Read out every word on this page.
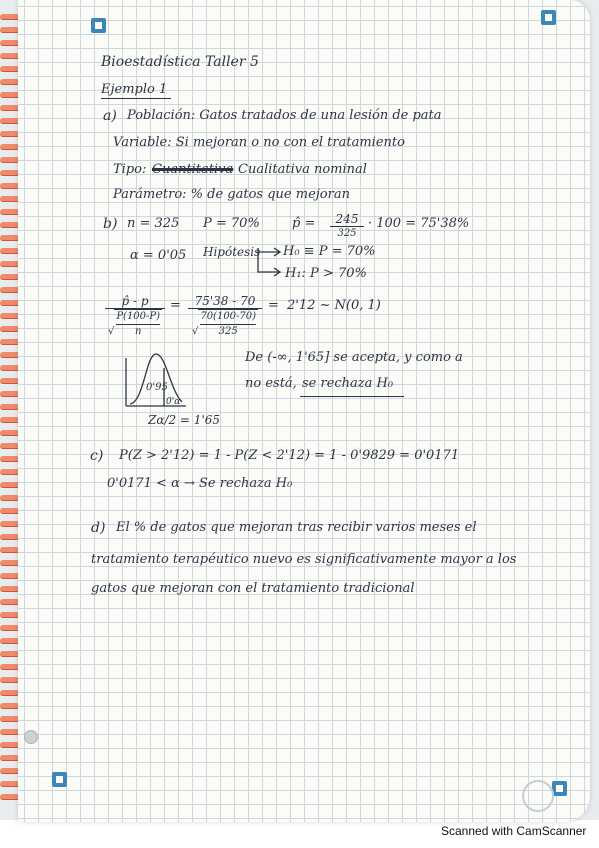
Bioestadística Taller 5
Ejemplo 1
a) Población: Gatos tratados de una lesión de pata
Variable: Si mejoran o no con el tratamiento
Tipo: Cuantitativa Cualitativa nominal
Parámetro: % de gatos que mejoran
b) n = 325 P = 70% p̂ =	245
325
· 100 = 75'38%
α = 0'05 Hipótesis H₀ ≡ P = 70%
H₁: P > 70%
p̂ - p
√ $\frac{P(100-P)}{n}$
=	75'38 - 70
√ $\frac{70(100-70)}{325}$
= 2'12 ~ N(0, 1)
0'95
0'α
Zα/2 = 1'65
De (-∞, 1'65] se acepta, y como a
no está, se rechaza H₀
c) P(Z > 2'12) = 1 - P(Z < 2'12) = 1 - 0'9829 = 0'0171
0'0171 < α → Se rechaza H₀
d) El % de gatos que mejoran tras recibir varios meses el
tratamiento terapéutico nuevo es significativamente mayor a los
gatos que mejoran con el tratamiento tradicional
Scanned with CamScanner
